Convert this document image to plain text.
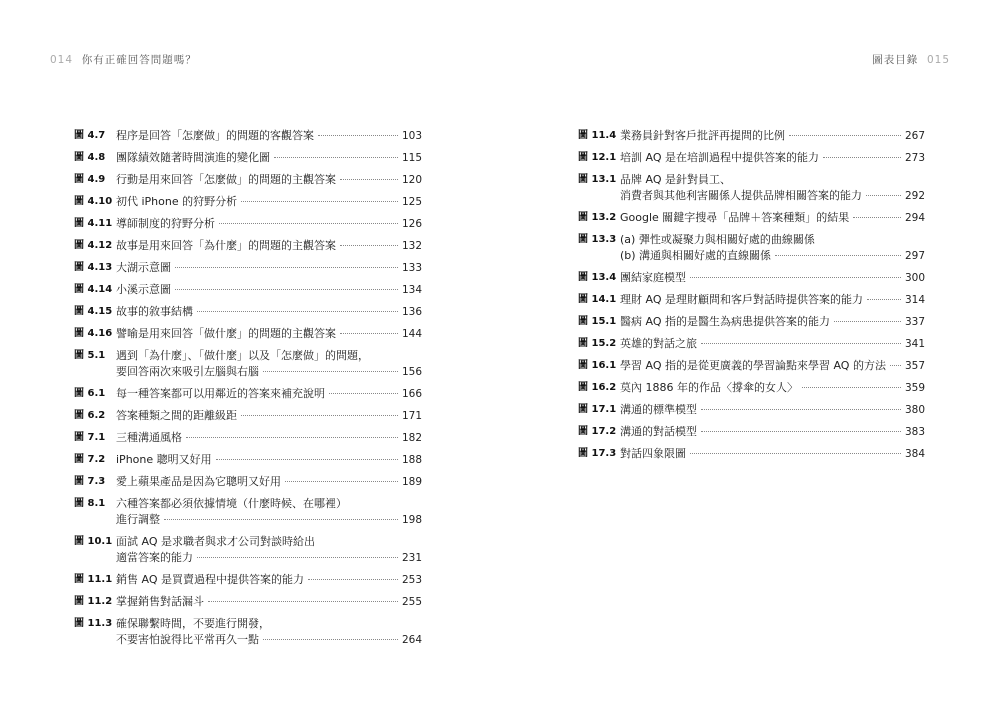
014 你有正確回答問題嗎？
圖 4.7 程序是回答「怎麼做」的問題的客觀答案	103
圖 4.8 團隊績效隨著時間演進的變化圖	115
圖 4.9 行動是用來回答「怎麼做」的問題的主觀答案	120
圖 4.10 初代 iPhone 的狩野分析	125
圖 4.11 導師制度的狩野分析	126
圖 4.12 故事是用來回答「為什麼」的問題的主觀答案	132
圖 4.13 大湖示意圖	133
圖 4.14 小溪示意圖	134
圖 4.15 故事的敘事結構	136
圖 4.16 譬喻是用來回答「做什麼」的問題的主觀答案	144
圖 5.1 遇到「為什麼」、「做什麼」以及「怎麼做」的問題，
要回答兩次來吸引左腦與右腦	156
圖 6.1 每一種答案都可以用鄰近的答案來補充說明	166
圖 6.2 答案種類之間的距離級距	171
圖 7.1 三種溝通風格	182
圖 7.2 iPhone 聰明又好用	188
圖 7.3 愛上蘋果產品是因為它聰明又好用	189
圖 8.1 六種答案都必須依據情境（什麼時候、在哪裡）
進行調整	198
圖 10.1 面試 AQ 是求職者與求才公司對談時給出
適當答案的能力	231
圖 11.1 銷售 AQ 是買賣過程中提供答案的能力	253
圖 11.2 掌握銷售對話漏斗	255
圖 11.3 確保聯繫時間，不要進行開發，
不要害怕說得比平常再久一點	264
圖表目錄 015
圖 11.4 業務員針對客戶批評再提問的比例	267
圖 12.1 培訓 AQ 是在培訓過程中提供答案的能力	273
圖 13.1 品牌 AQ 是針對員工、
消費者與其他利害關係人提供品牌相關答案的能力	292
圖 13.2 Google 關鍵字搜尋「品牌＋答案種類」的結果	294
圖 13.3 (a) 彈性或凝聚力與相關好處的曲線關係
(b) 溝通與相關好處的直線關係	297
圖 13.4 團結家庭模型	300
圖 14.1 理財 AQ 是理財顧問和客戶對話時提供答案的能力	314
圖 15.1 醫病 AQ 指的是醫生為病患提供答案的能力	337
圖 15.2 英雄的對話之旅	341
圖 16.1 學習 AQ 指的是從更廣義的學習論點來學習 AQ 的方法 357
圖 16.2 莫內 1886 年的作品〈撐傘的女人〉	359
圖 17.1 溝通的標準模型	380
圖 17.2 溝通的對話模型	383
圖 17.3 對話四象限圖	384
